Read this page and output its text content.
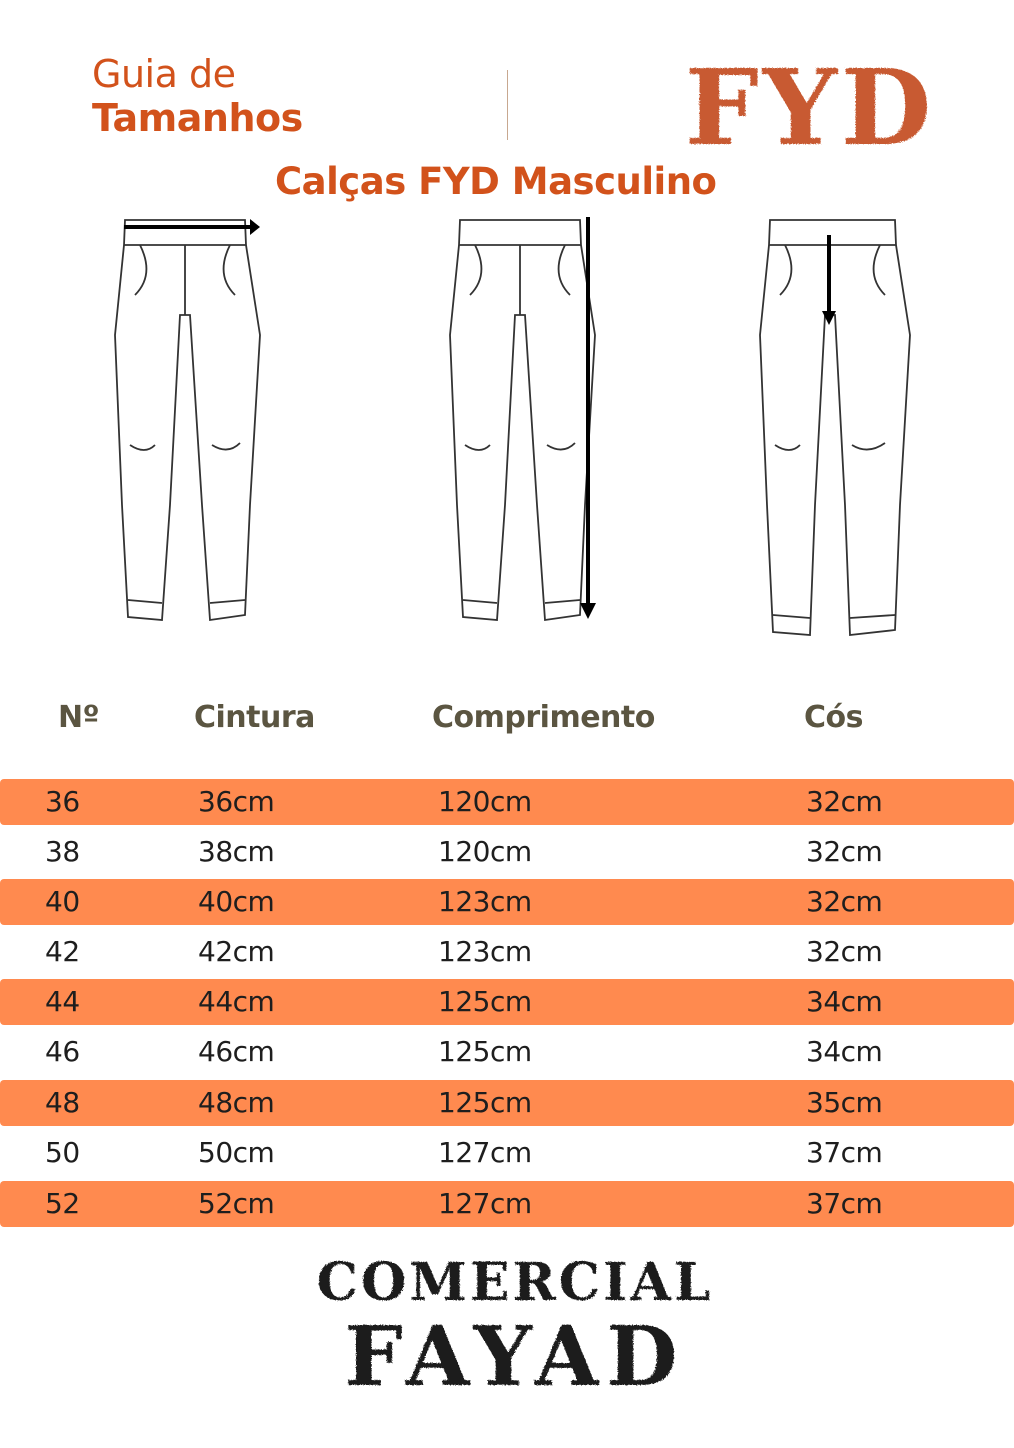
Guia de
Tamanhos	FYD
Calças FYD Masculino
Nº	Cintura	Comprimento	Cós
36	36cm	120cm	32cm
38	38cm	120cm	32cm
40	40cm	123cm	32cm
42	42cm	123cm	32cm
44	44cm	125cm	34cm
46	46cm	125cm	34cm
48	48cm	125cm	35cm
50	50cm	127cm	37cm
52	52cm	127cm	37cm
COMERCIAL
FAYAD
